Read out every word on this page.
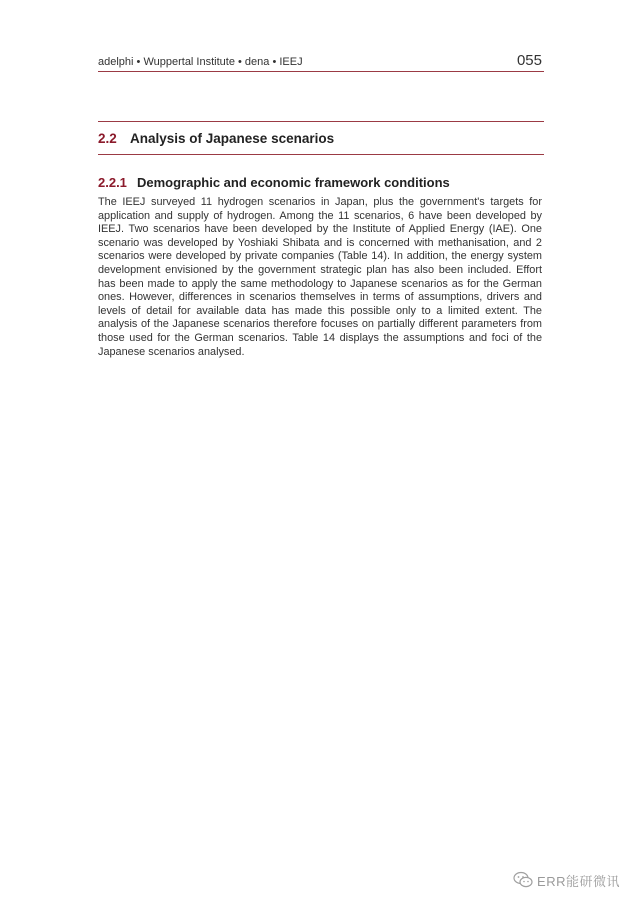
adelphi • Wuppertal Institute • dena • IEEJ	055
2.2 Analysis of Japanese scenarios
2.2.1 Demographic and economic framework conditions

The IEEJ surveyed 11 hydrogen scenarios in Japan, plus the government's targets for application and supply of hydrogen. Among the 11 scenarios, 6 have been developed by IEEJ. Two scenarios have been developed by the Institute of Applied Energy (IAE). One scenario was developed by Yoshiaki Shibata and is concerned with methanisation, and 2 scenarios were developed by private companies (Table 14). In addition, the energy system development envisioned by the government strategic plan has also been included. Effort has been made to apply the same methodology to Japanese scenarios as for the German ones. However, differences in scenarios themselves in terms of assumptions, drivers and levels of detail for available data has made this possible only to a limited extent. The analysis of the Japanese scenarios therefore focuses on partially different parameters from those used for the German scenarios. Table 14 displays the assumptions and foci of the Japanese scenarios analysed.

ERR能研微讯
